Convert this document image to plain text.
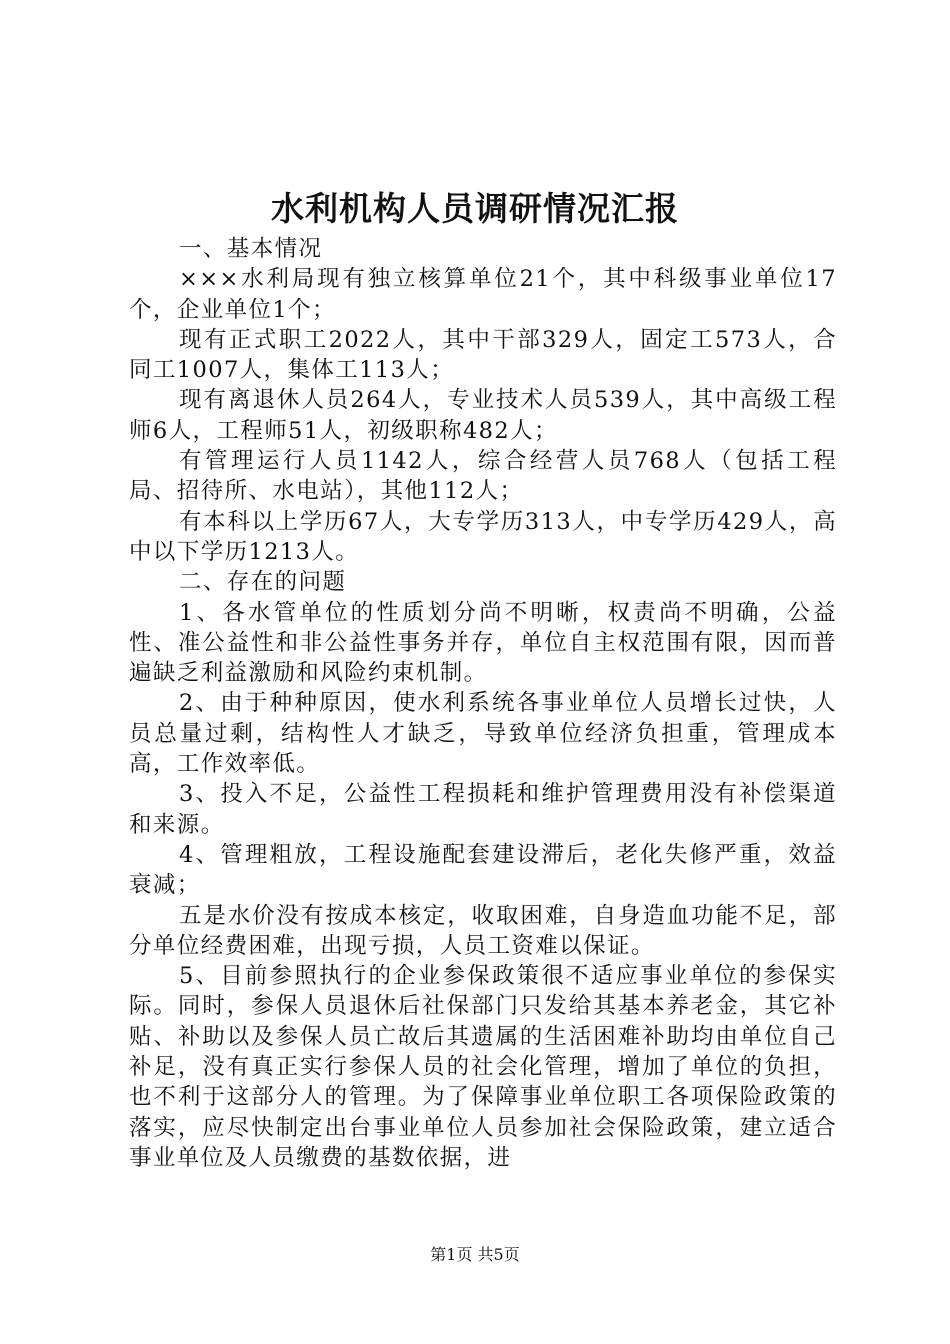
水利机构人员调研情况汇报

一、基本情况

×××水利局现有独立核算单位21个，其中科级事业单位17个，企业单位1个；

现有正式职工2022人，其中干部329人，固定工573人，合同工1007人，集体工113人；

现有离退休人员264人，专业技术人员539人，其中高级工程师6人，工程师51人，初级职称482人；

有管理运行人员1142人，综合经营人员768人（包括工程局、招待所、水电站），其他112人；

有本科以上学历67人，大专学历313人，中专学历429人，高中以下学历1213人。

二、存在的问题

1、各水管单位的性质划分尚不明晰，权责尚不明确，公益性、准公益性和非公益性事务并存，单位自主权范围有限，因而普遍缺乏利益激励和风险约束机制。

2、由于种种原因，使水利系统各事业单位人员增长过快，人员总量过剩，结构性人才缺乏，导致单位经济负担重，管理成本高，工作效率低。

3、投入不足，公益性工程损耗和维护管理费用没有补偿渠道和来源。

4、管理粗放，工程设施配套建设滞后，老化失修严重，效益衰减；

五是水价没有按成本核定，收取困难，自身造血功能不足，部分单位经费困难，出现亏损，人员工资难以保证。

5、目前参照执行的企业参保政策很不适应事业单位的参保实际。同时，参保人员退休后社保部门只发给其基本养老金，其它补贴、补助以及参保人员亡故后其遗属的生活困难补助均由单位自己补足，没有真正实行参保人员的社会化管理，增加了单位的负担，也不利于这部分人的管理。为了保障事业单位职工各项保险政策的落实，应尽快制定出台事业单位人员参加社会保险政策，建立适合事业单位及人员缴费的基数依据，进

第1页 共5页
